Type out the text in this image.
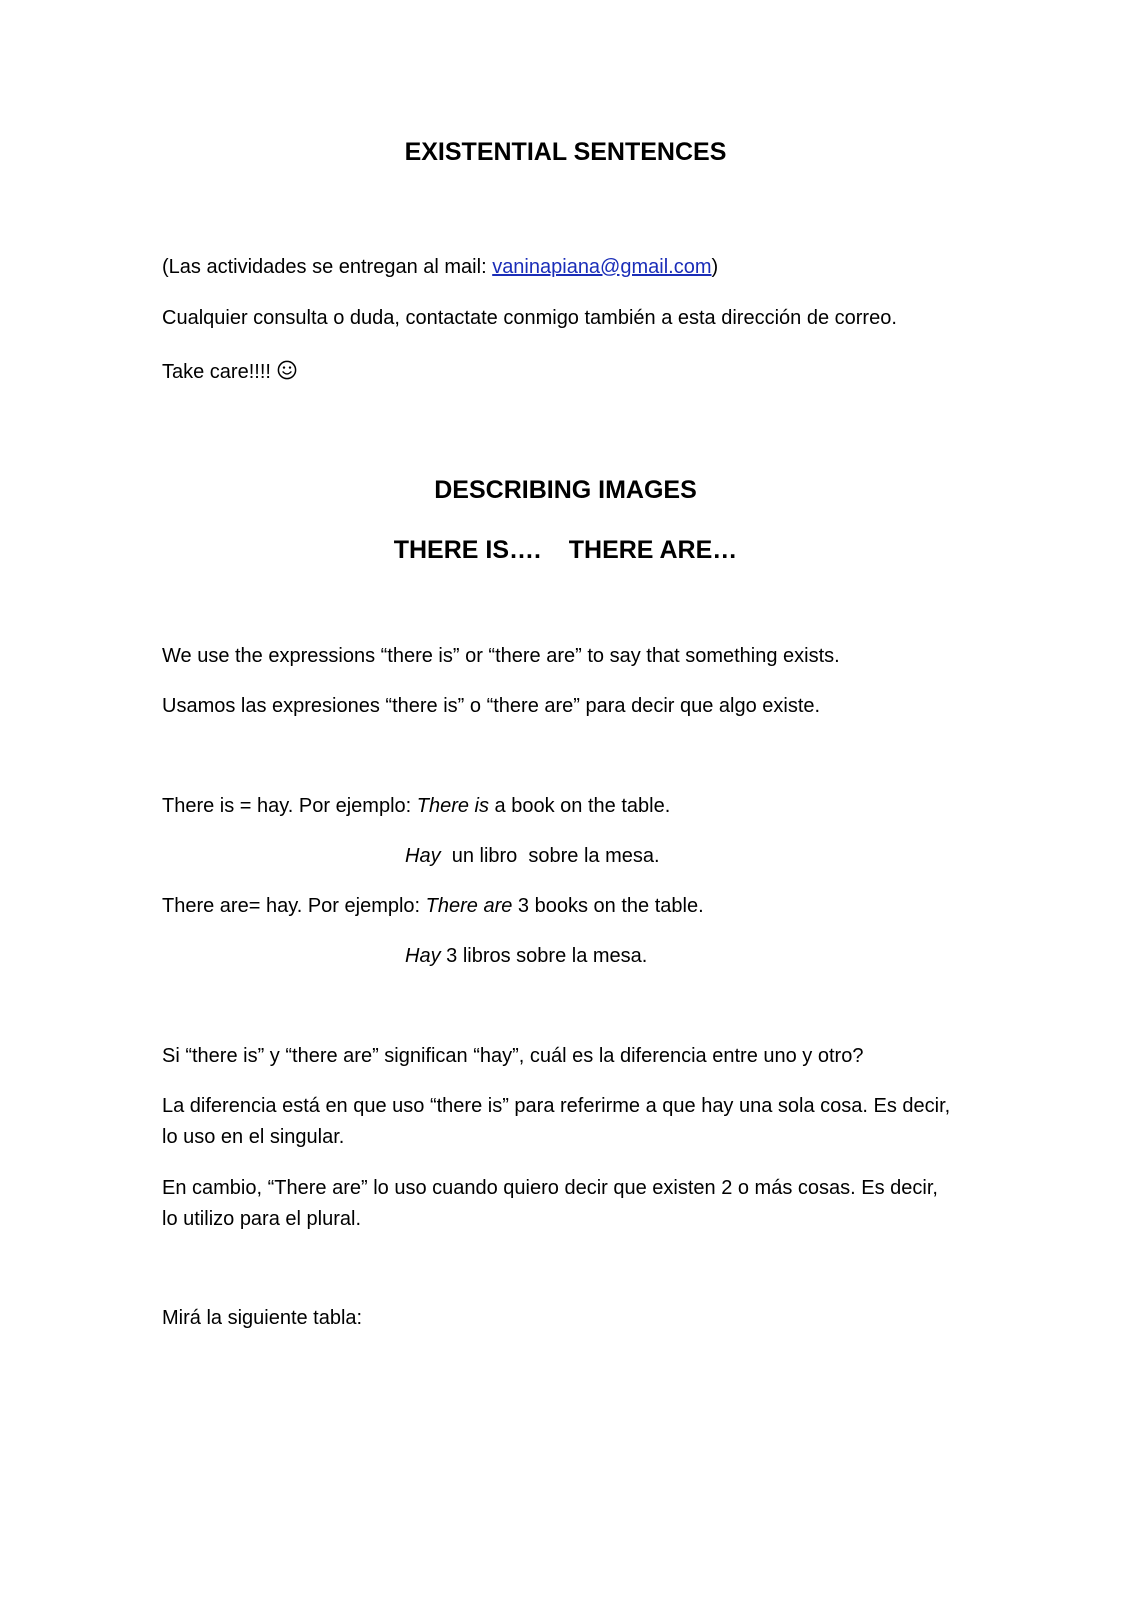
EXISTENTIAL SENTENCES
(Las actividades se entregan al mail: vaninapiana@gmail.com)
Cualquier consulta o duda, contactate conmigo también a esta dirección de correo.
Take care!!!!
DESCRIBING IMAGES
THERE IS….    THERE ARE…
We use the expressions “there is” or “there are” to say that something exists.
Usamos las expresiones “there is” o “there are” para decir que algo existe.
There is = hay. Por ejemplo: There is a book on the table.
Hay  un libro  sobre la mesa.
There are= hay. Por ejemplo: There are 3 books on the table.
Hay 3 libros sobre la mesa.
Si “there is” y “there are” significan “hay”, cuál es la diferencia entre uno y otro?
La diferencia está en que uso “there is” para referirme a que hay una sola cosa. Es decir,
lo uso en el singular.
En cambio, “There are” lo uso cuando quiero decir que existen 2 o más cosas. Es decir,
lo utilizo para el plural.
Mirá la siguiente tabla:
